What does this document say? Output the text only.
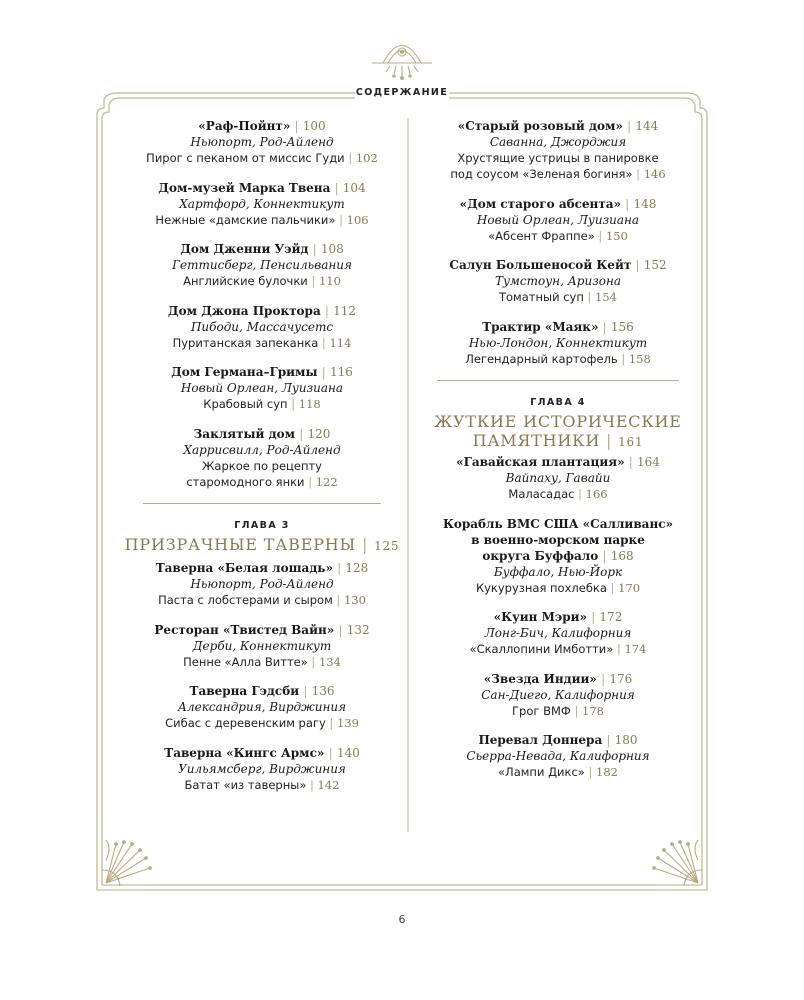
СОДЕРЖАНИЕ
«Раф-Пойнт» | 100
Ньюпорт, Род-Айленд
Пирог с пеканом от миссис Гуди | 102
Дом-музей Марка Твена | 104
Хартфорд, Коннектикут
Нежные «дамские пальчики» | 106
Дом Дженни Уэйд | 108
Геттисберг, Пенсильвания
Английские булочки | 110
Дом Джона Проктора | 112
Пибоди, Массачусетс
Пуританская запеканка | 114
Дом Германа–Гримы | 116
Новый Орлеан, Луизиана
Крабовый суп | 118
Заклятый дом | 120
Харрисвилл, Род-Айленд
Жаркое по рецепту
старомодного янки | 122
ГЛАВА 3
ПРИЗРАЧНЫЕ ТАВЕРНЫ | 125
Таверна «Белая лошадь» | 128
Ньюпорт, Род-Айленд
Паста с лобстерами и сыром | 130
Ресторан «Твистед Вайн» | 132
Дерби, Коннектикут
Пенне «Алла Витте» | 134
Таверна Гэдсби | 136
Александрия, Вирджиния
Сибас с деревенским рагу | 139
Таверна «Кингс Армс» | 140
Уильямсберг, Вирджиния
Батат «из таверны» | 142
«Старый розовый дом» | 144
Саванна, Джорджия
Хрустящие устрицы в панировке
под соусом «Зеленая богиня» | 146
«Дом старого абсента» | 148
Новый Орлеан, Луизиана
«Абсент Фраппе» | 150
Салун Большеносой Кейт | 152
Тумстоун, Аризона
Томатный суп | 154
Трактир «Маяк» | 156
Нью-Лондон, Коннектикут
Легендарный картофель | 158
ГЛАВА 4
ЖУТКИЕ ИСТОРИЧЕСКИЕ
ПАМЯТНИКИ | 161
«Гавайская плантация» | 164
Вайпаху, Гавайи
Маласадас | 166
Корабль ВМС США «Салливанс»
в военно-морском парке
округа Буффало | 168
Буффало, Нью-Йорк
Кукурузная похлебка | 170
«Куин Мэри» | 172
Лонг-Бич, Калифорния
«Скаллопини Имботти» | 174
«Звезда Индии» | 176
Сан-Диего, Калифорния
Грог ВМФ | 178
Перевал Доннера | 180
Сьерра-Невада, Калифорния
«Лампи Дикс» | 182
6
